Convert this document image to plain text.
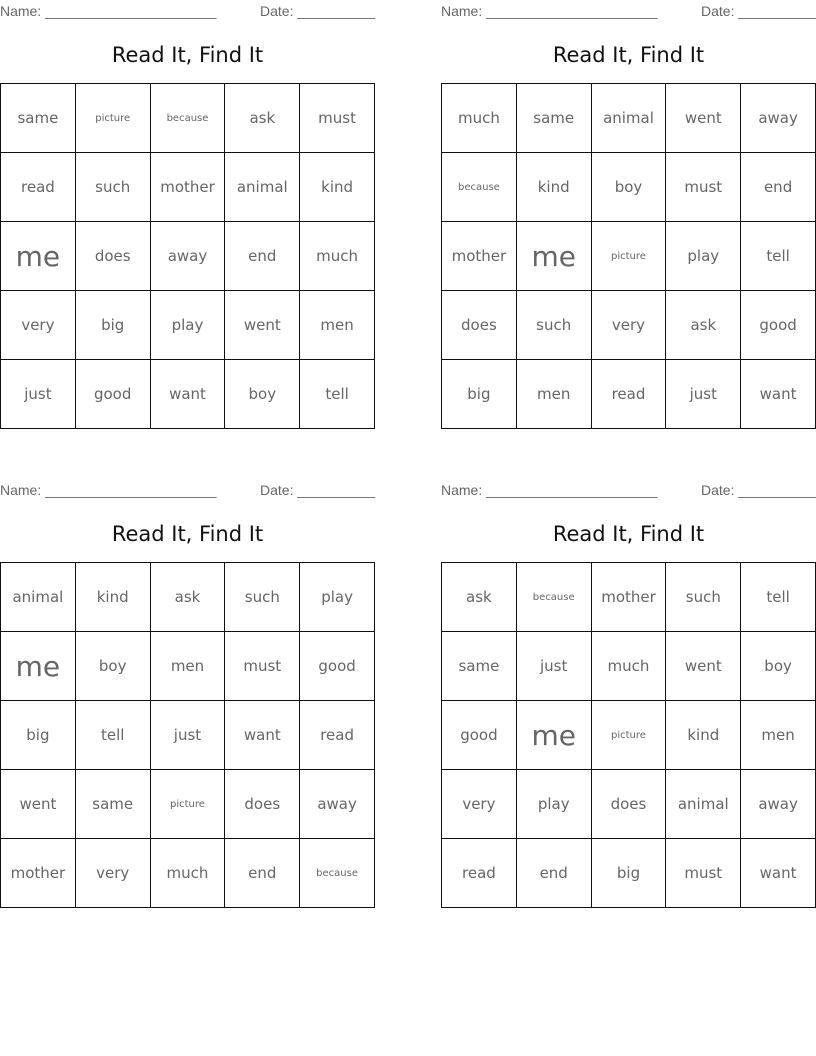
Name: ______________________	Date: __________
Read It, Find It
same	picture	because	ask	must
read	such	mother	animal	kind
me	does	away	end	much
very	big	play	went	men
just	good	want	boy	tell
Name: ______________________	Date: __________
Read It, Find It
much	same	animal	went	away
because	kind	boy	must	end
mother	me	picture	play	tell
does	such	very	ask	good
big	men	read	just	want
Name: ______________________	Date: __________
Read It, Find It
animal	kind	ask	such	play
me	boy	men	must	good
big	tell	just	want	read
went	same	picture	does	away
mother	very	much	end	because
Name: ______________________	Date: __________
Read It, Find It
ask	because	mother	such	tell
same	just	much	went	boy
good	me	picture	kind	men
very	play	does	animal	away
read	end	big	must	want
